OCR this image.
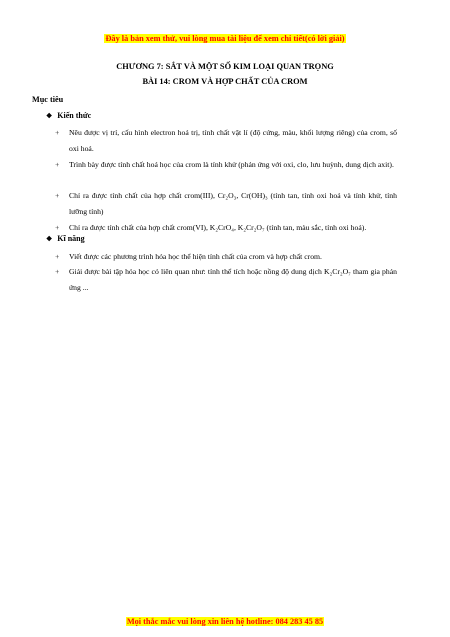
Đây là bản xem thử, vui lòng mua tài liệu để xem chi tiết(có lời giải)
CHƯƠNG 7: SẮT VÀ MỘT SỐ KIM LOẠI QUAN TRỌNG
BÀI 14: CROM VÀ HỢP CHẤT CỦA CROM
Mục tiêu
❖ Kiến thức
+ Nêu được vị trí, cấu hình electron hoá trị, tính chất vật lí (độ cứng, màu, khối lượng riêng) của crom, số oxi hoá.
+ Trình bày được tính chất hoá học của crom là tính khử (phản ứng với oxi, clo, lưu huỳnh, dung dịch axit).
+ Chỉ ra được tính chất của hợp chất crom(III), Cr₂O₃, Cr(OH)₃ (tính tan, tính oxi hoá và tính khử, tính lưỡng tính)
+ Chỉ ra được tính chất của hợp chất crom(VI), K₂CrO₄, K₂Cr₂O₇ (tính tan, màu sắc, tính oxi hoá).
❖ Kĩ năng
+ Viết được các phương trình hóa học thể hiện tính chất của crom và hợp chất crom.
+ Giải được bài tập hóa học có liên quan như: tính thể tích hoặc nồng độ dung dịch K₂Cr₂O₇ tham gia phản ứng ...
Mọi thắc mắc vui lòng xin liên hệ hotline: 084 283 45 85
